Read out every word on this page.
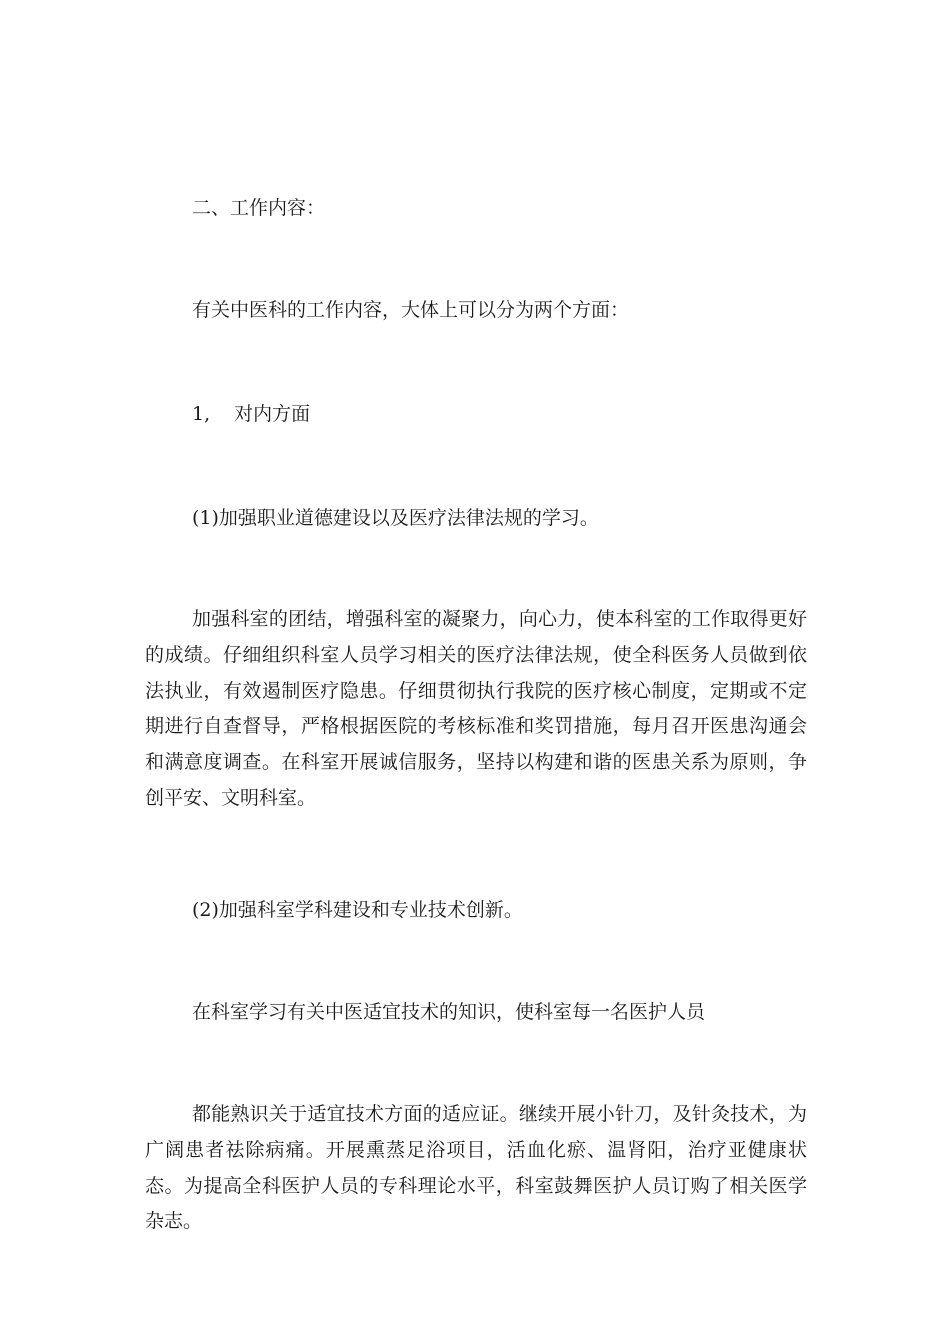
二、工作内容：

有关中医科的工作内容，大体上可以分为两个方面：

1, 对内方面

(1)加强职业道德建设以及医疗法律法规的学习。

加强科室的团结，增强科室的凝聚力，向心力，使本科室的工作取得更好的成绩。仔细组织科室人员学习相关的医疗法律法规，使全科医务人员做到依法执业，有效遏制医疗隐患。仔细贯彻执行我院的医疗核心制度，定期或不定期进行自查督导，严格根据医院的考核标准和奖罚措施，每月召开医患沟通会和满意度调查。在科室开展诚信服务，坚持以构建和谐的医患关系为原则，争创平安、文明科室。

(2)加强科室学科建设和专业技术创新。

在科室学习有关中医适宜技术的知识，使科室每一名医护人员

都能熟识关于适宜技术方面的适应证。继续开展小针刀，及针灸技术，为广阔患者祛除病痛。开展熏蒸足浴项目，活血化瘀、温肾阳，治疗亚健康状态。为提高全科医护人员的专科理论水平，科室鼓舞医护人员订购了相关医学杂志。
